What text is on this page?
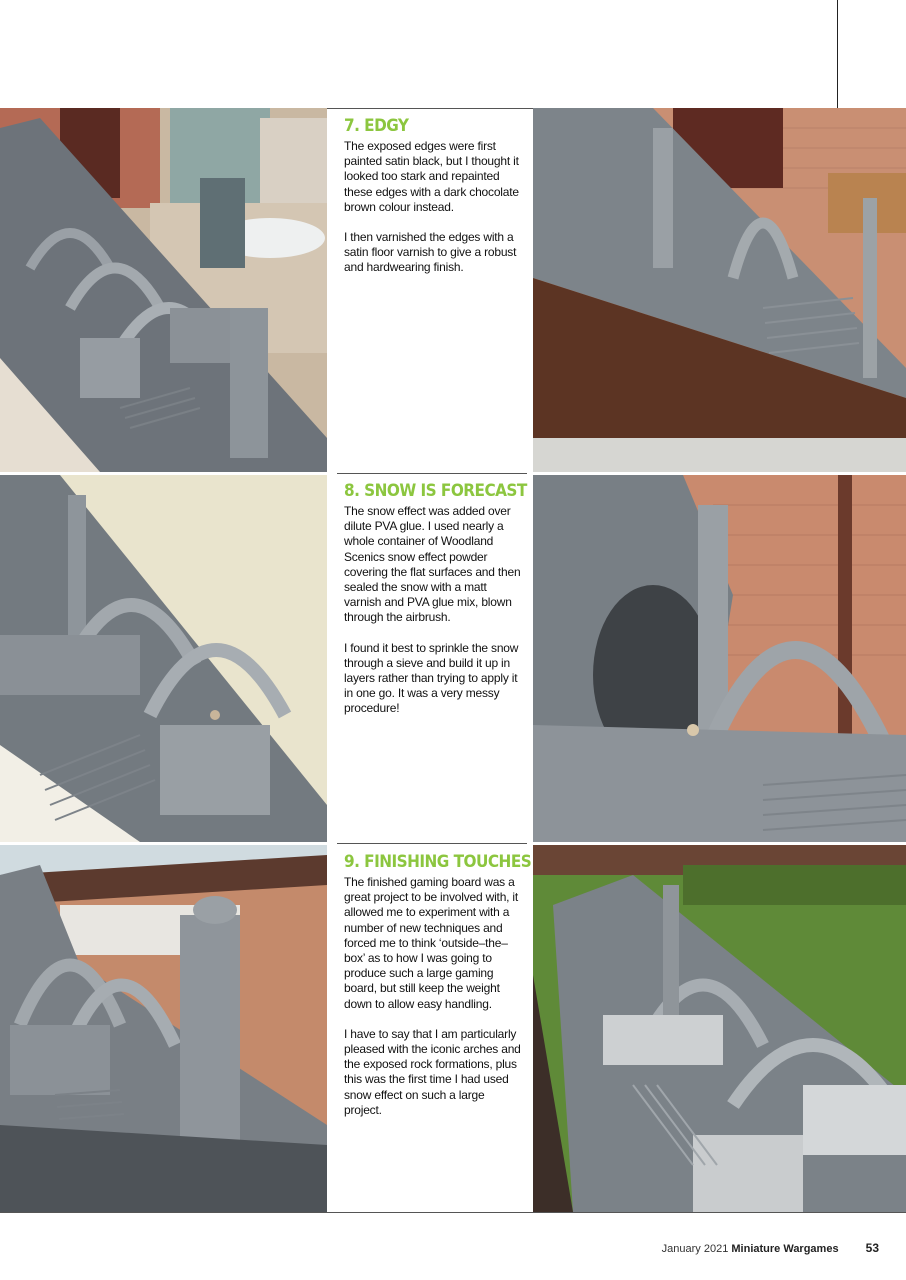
7. EDGY

The exposed edges were first painted satin black, but I thought it looked too stark and repainted these edges with a dark chocolate brown colour instead.

I then varnished the edges with a satin floor varnish to give a robust and hardwearing finish.

8. SNOW IS FORECAST

The snow effect was added over dilute PVA glue. I used nearly a whole container of Woodland Scenics snow effect powder covering the flat surfaces and then sealed the snow with a matt varnish and PVA glue mix, blown through the airbrush.

I found it best to sprinkle the snow through a sieve and build it up in layers rather than trying to apply it in one go. It was a very messy procedure!

9. FINISHING TOUCHES

The finished gaming board was a great project to be involved with, it allowed me to experiment with a number of new techniques and forced me to think ‘outside–the–box’ as to how I was going to produce such a large gaming board, but still keep the weight down to allow easy handling.

I have to say that I am particularly pleased with the iconic arches and the exposed rock formations, plus this was the first time I had used snow effect on such a large project.

January 2021 Miniature Wargames 53
